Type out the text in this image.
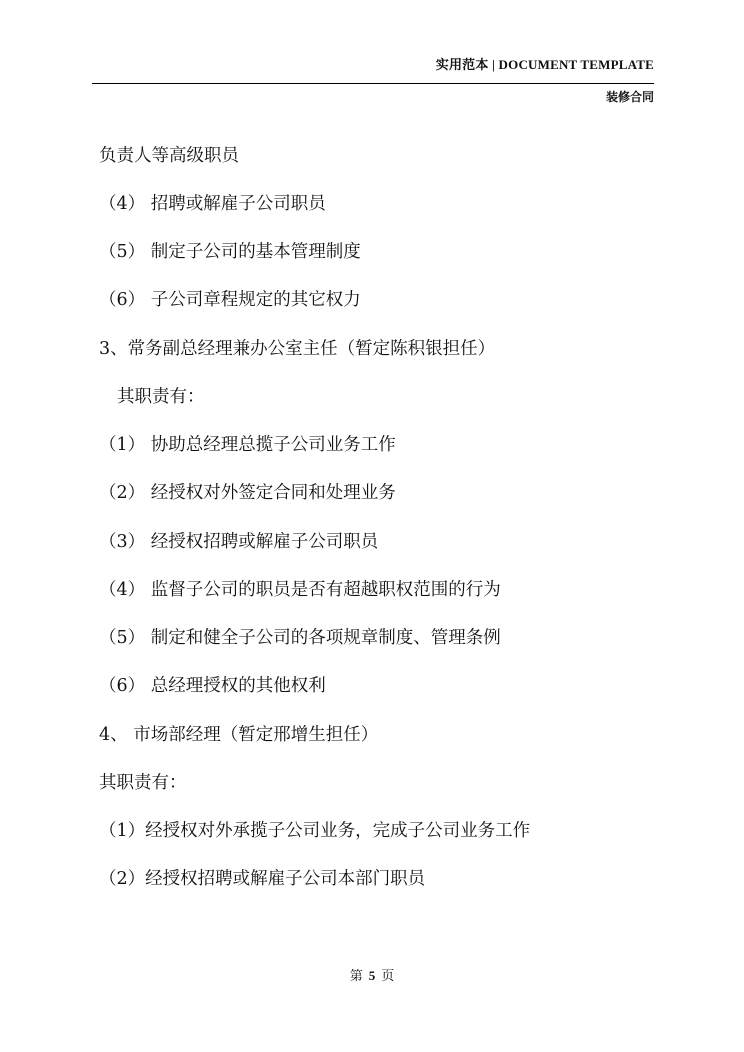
实用范本 | DOCUMENT TEMPLATE
装修合同
负责人等高级职员
（4） 招聘或解雇子公司职员
（5） 制定子公司的基本管理制度
（6） 子公司章程规定的其它权力
3、常务副总经理兼办公室主任（暂定陈积银担任）
其职责有：
（1） 协助总经理总揽子公司业务工作
（2） 经授权对外签定合同和处理业务
（3） 经授权招聘或解雇子公司职员
（4） 监督子公司的职员是否有超越职权范围的行为
（5） 制定和健全子公司的各项规章制度、管理条例
（6） 总经理授权的其他权利
4、 市场部经理（暂定邢增生担任）
其职责有：
（1）经授权对外承揽子公司业务，完成子公司业务工作
（2）经授权招聘或解雇子公司本部门职员
第 5 页
